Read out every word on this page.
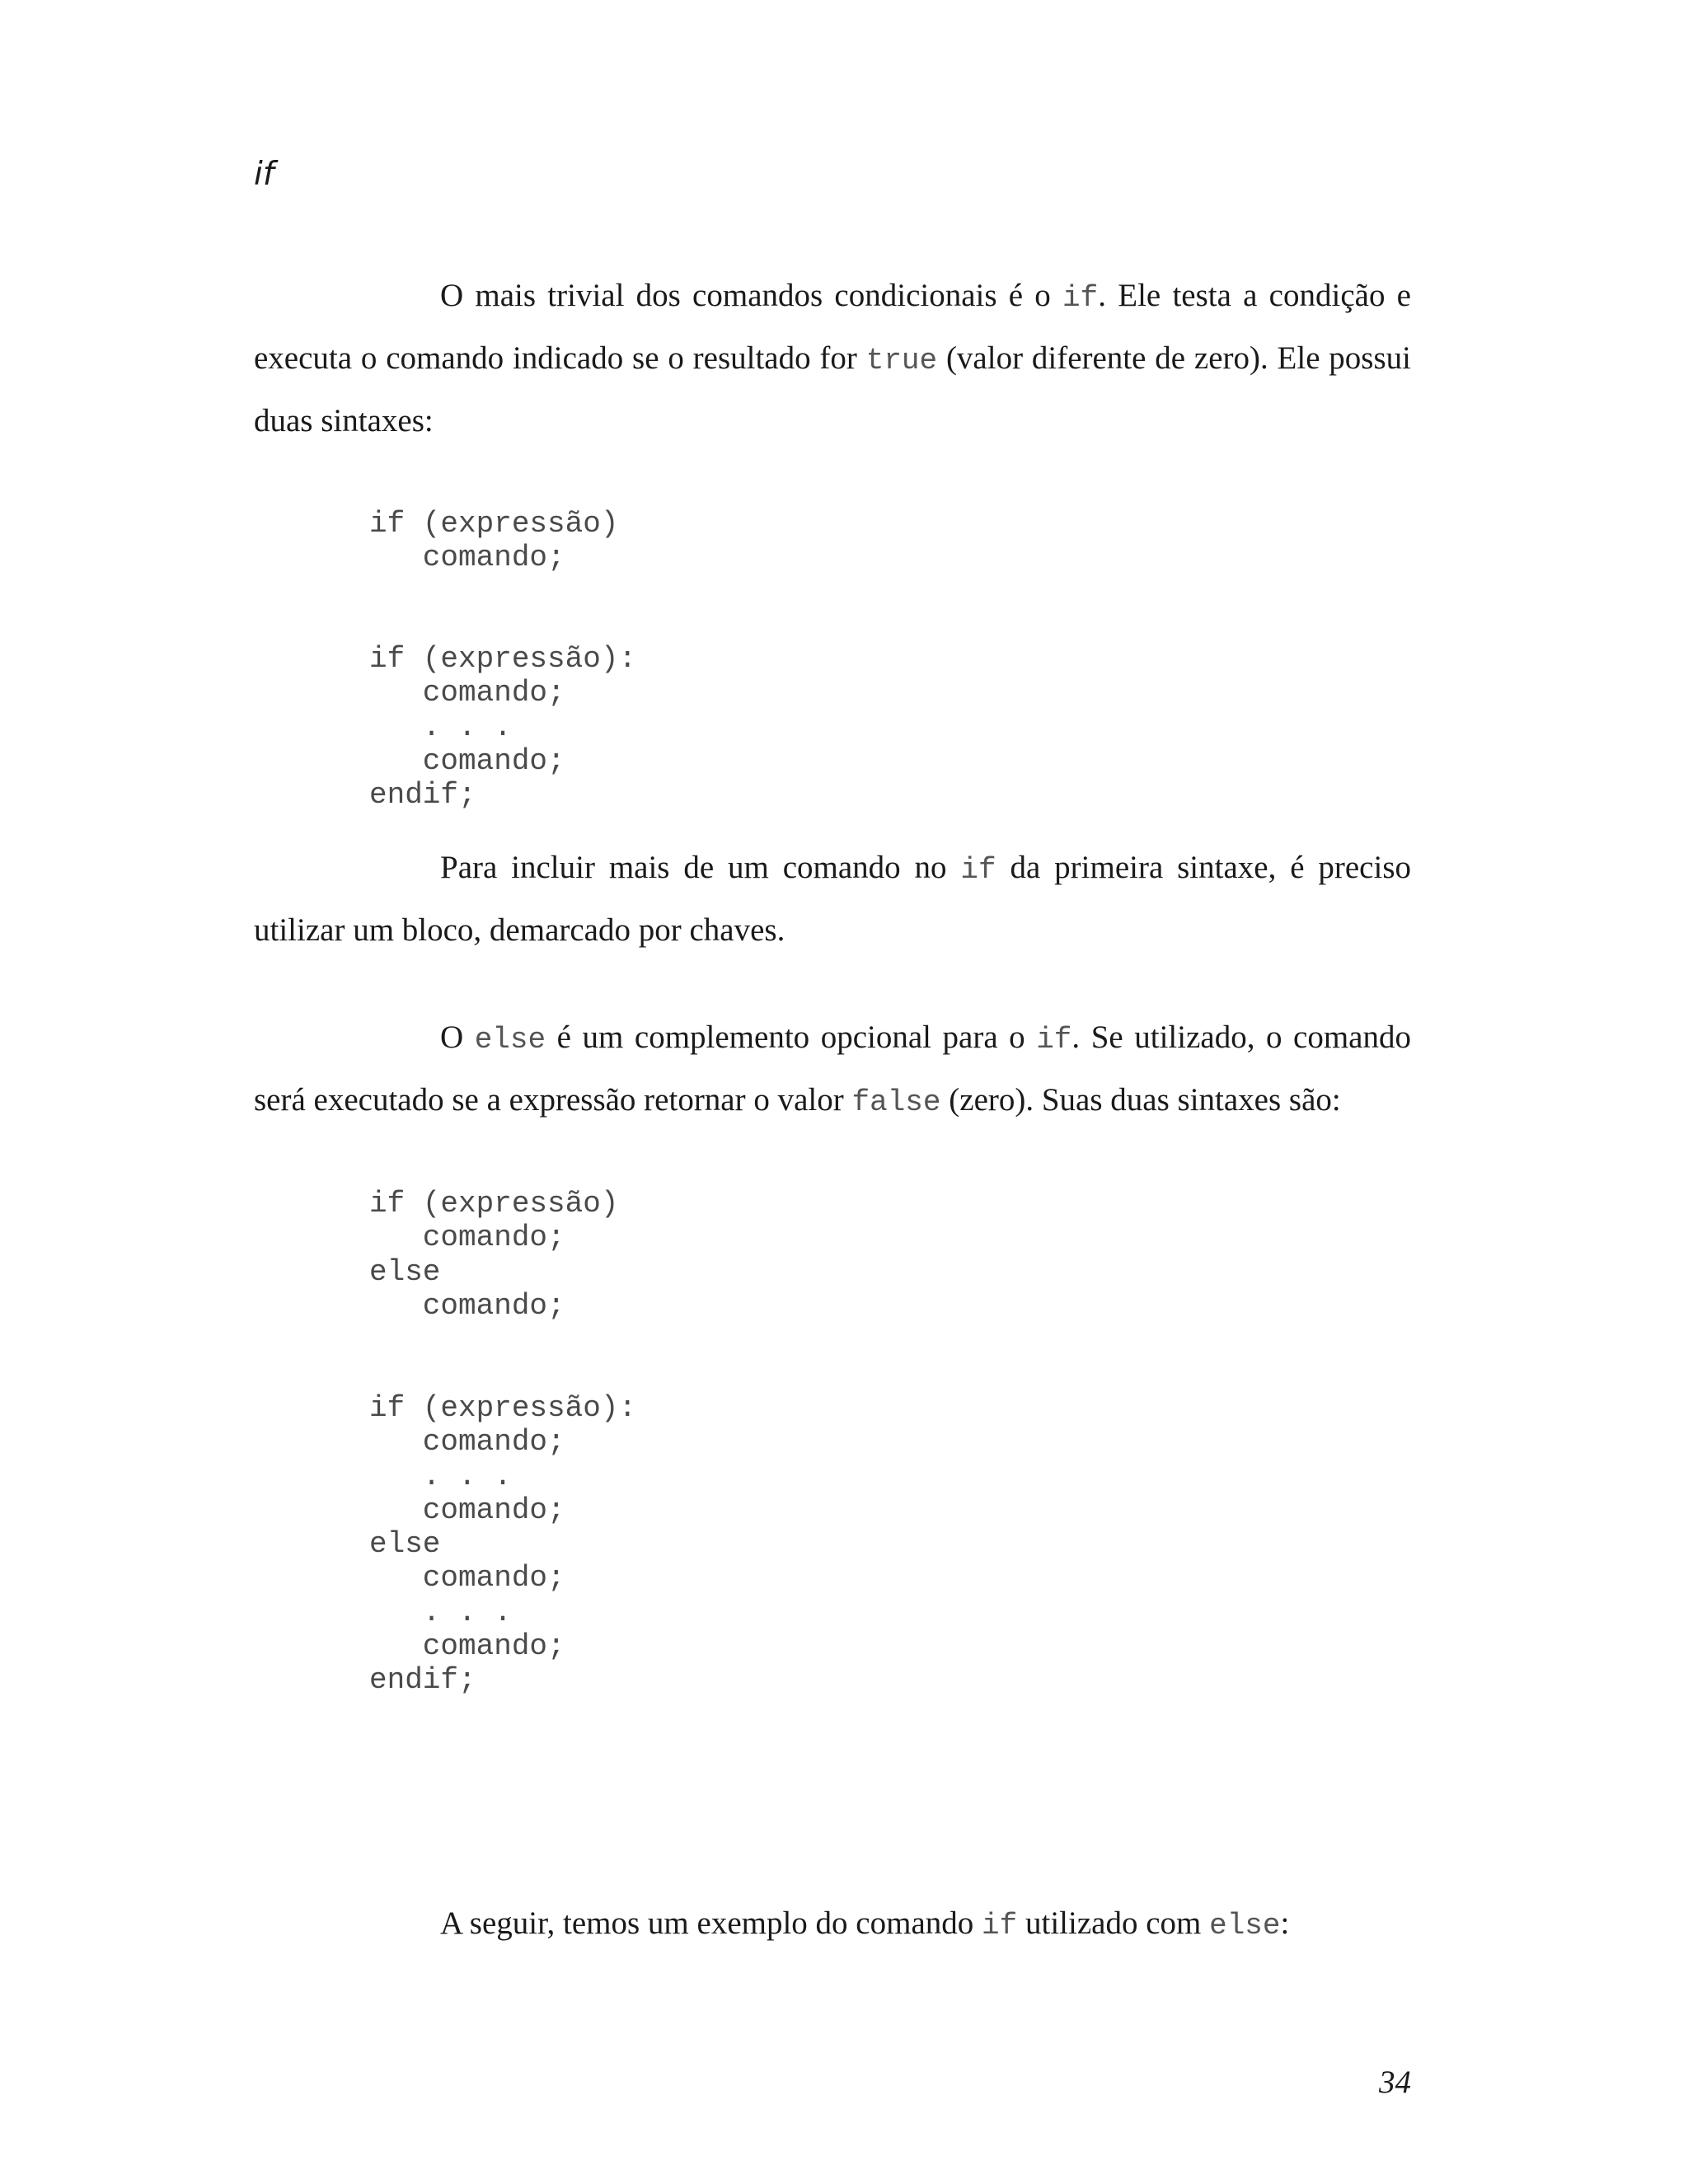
if

O mais trivial dos comandos condicionais é o if. Ele testa a condição e executa o comando indicado se o resultado for true (valor diferente de zero). Ele possui duas sintaxes:

if (expressão)
comando;
if (expressão):
comando;
. . .
comando;
endif;

Para incluir mais de um comando no if da primeira sintaxe, é preciso utilizar um bloco, demarcado por chaves.

O else é um complemento opcional para o if. Se utilizado, o comando será executado se a expressão retornar o valor false (zero). Suas duas sintaxes são:

if (expressão)
comando;
else
comando;
if (expressão):
comando;
. . .
comando;
else
comando;
. . .
comando;
endif;

A seguir, temos um exemplo do comando if utilizado com else:

34
